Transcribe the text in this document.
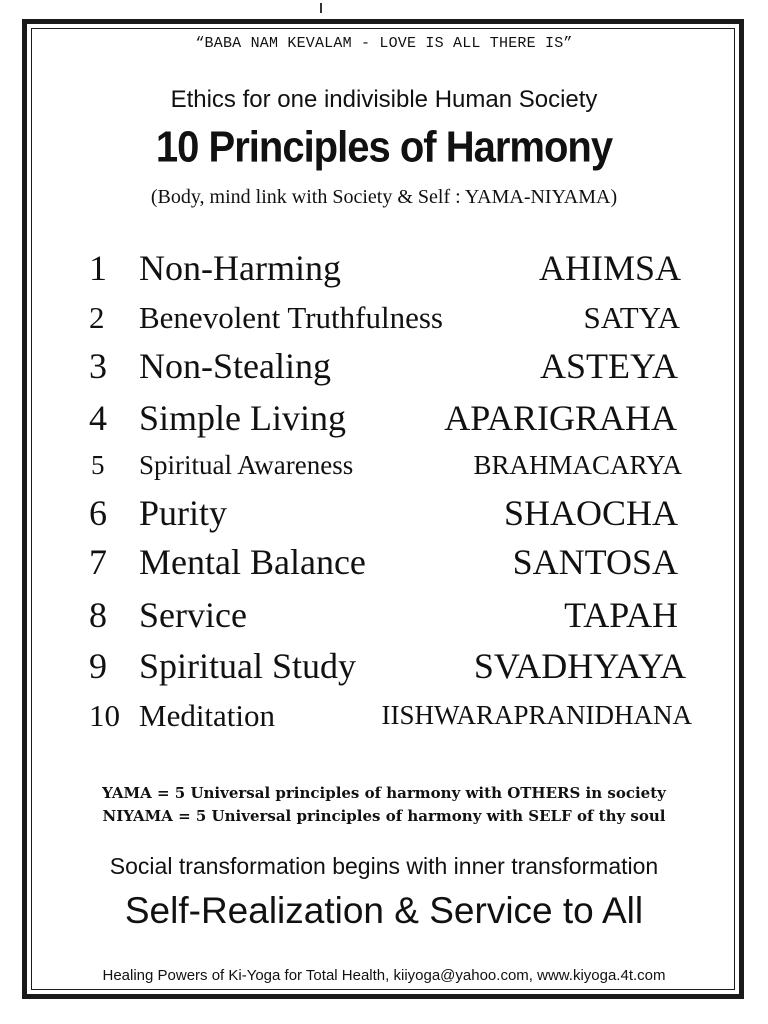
“BABA NAM KEVALAM - LOVE IS ALL THERE IS”
Ethics for one indivisible Human Society
10 Principles of Harmony
(Body, mind link with Society & Self : YAMA-NIYAMA)
1 Non-Harming	AHIMSA
2 Benevolent Truthfulness	SATYA
3 Non-Stealing	ASTEYA
4 Simple Living	APARIGRAHA
5 Spiritual Awareness	BRAHMACARYA
6 Purity	SHAOCHA
7 Mental Balance	SANTOSA
8 Service	TAPAH
9 Spiritual Study	SVADHYAYA
10 Meditation	IISHWARAPRANIDHANA
YAMA = 5 Universal principles of harmony with OTHERS in society
NIYAMA = 5 Universal principles of harmony with SELF of thy soul
Social transformation begins with inner transformation
Self-Realization & Service to All
Healing Powers of Ki-Yoga for Total Health, kiiyoga@yahoo.com, www.kiyoga.4t.com
